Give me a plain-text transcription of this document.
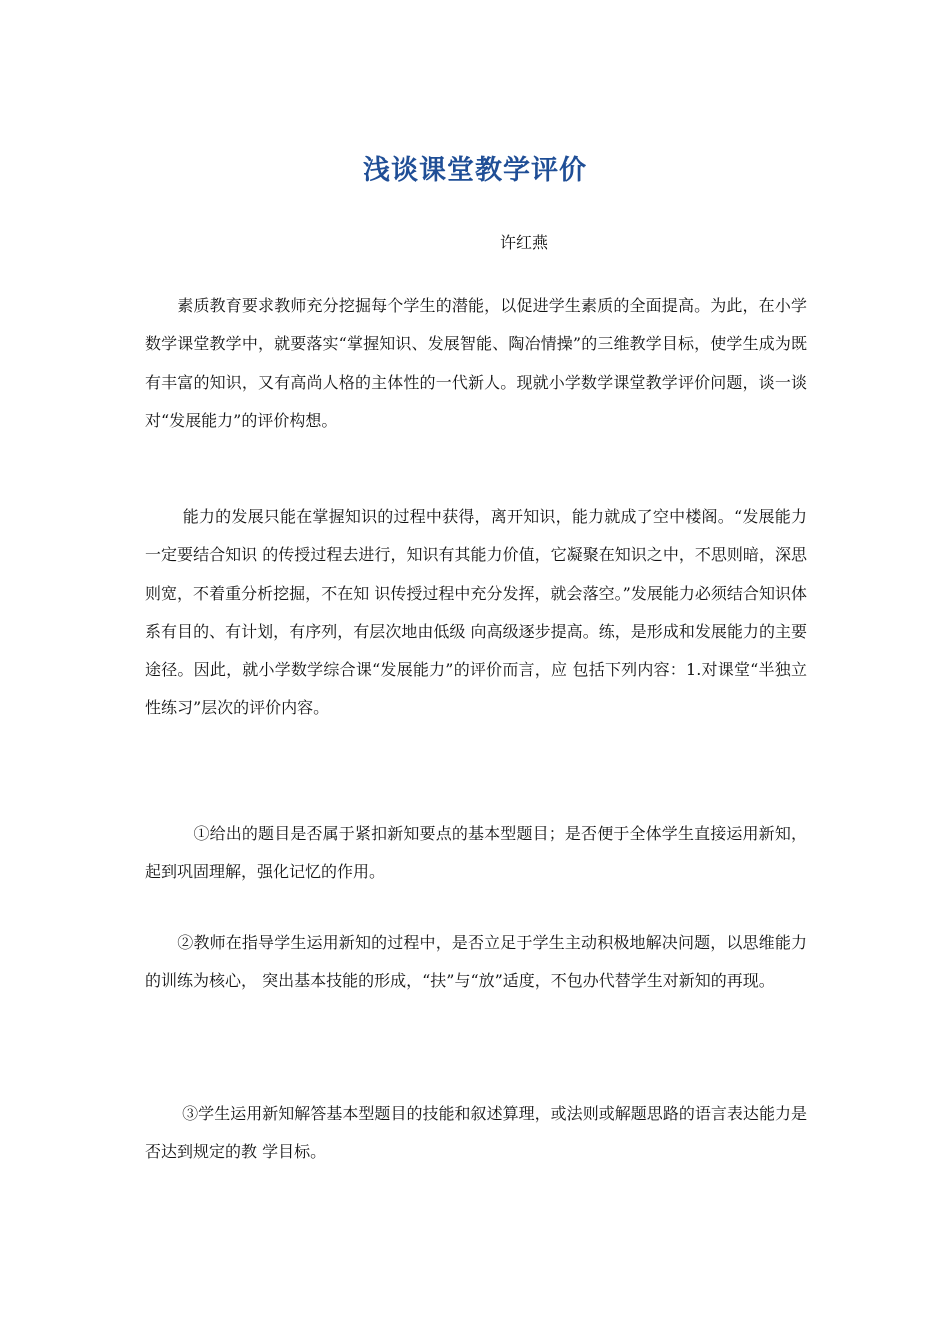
浅谈课堂教学评价

许红燕

　　素质教育要求教师充分挖掘每个学生的潜能，以促进学生素质的全面提高。为此，在小学数学课堂教学中，就要落实“掌握知识、发展智能、陶冶情操”的三维教学目标，使学生成为既有丰富的知识，又有高尚人格的主体性的一代新人。现就小学数学课堂教学评价问题，谈一谈对“发展能力”的评价构想。

　　 能力的发展只能在掌握知识的过程中获得，离开知识，能力就成了空中楼阁。“发展能力一定要结合知识 的传授过程去进行，知识有其能力价值，它凝聚在知识之中，不思则暗，深思则宽，不着重分析挖掘，不在知 识传授过程中充分发挥，就会落空。”发展能力必须结合知识体系有目的、有计划，有序列，有层次地由低级 向高级逐步提高。练，是形成和发展能力的主要途径。因此，就小学数学综合课“发展能力”的评价而言，应 包括下列内容：1.对课堂“半独立性练习”层次的评价内容。

　　　①给出的题目是否属于紧扣新知要点的基本型题目；是否便于全体学生直接运用新知，起到巩固理解，强化记忆的作用。

　　②教师在指导学生运用新知的过程中，是否立足于学生主动积极地解决问题，以思维能力的训练为核心， 突出基本技能的形成，“扶”与“放”适度，不包办代替学生对新知的再现。

　　 ③学生运用新知解答基本型题目的技能和叙述算理，或法则或解题思路的语言表达能力是否达到规定的教 学目标。
